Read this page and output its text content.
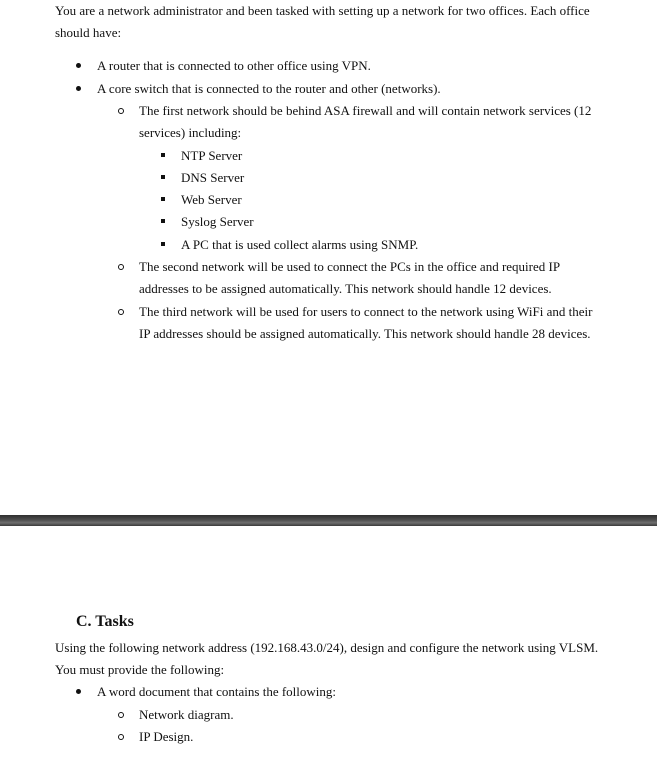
You are a network administrator and been tasked with setting up a network for two offices. Each office
should have:
A router that is connected to other office using VPN.
A core switch that is connected to the router and other (networks).
The first network should be behind ASA firewall and will contain network services (12
services) including:
NTP Server
DNS Server
Web Server
Syslog Server
A PC that is used collect alarms using SNMP.
The second network will be used to connect the PCs in the office and required IP
addresses to be assigned automatically. This network should handle 12 devices.
The third network will be used for users to connect to the network using WiFi and their
IP addresses should be assigned automatically. This network should handle 28 devices.
C. Tasks
Using the following network address (192.168.43.0/24), design and configure the network using VLSM.
You must provide the following:
A word document that contains the following:
Network diagram.
IP Design.
